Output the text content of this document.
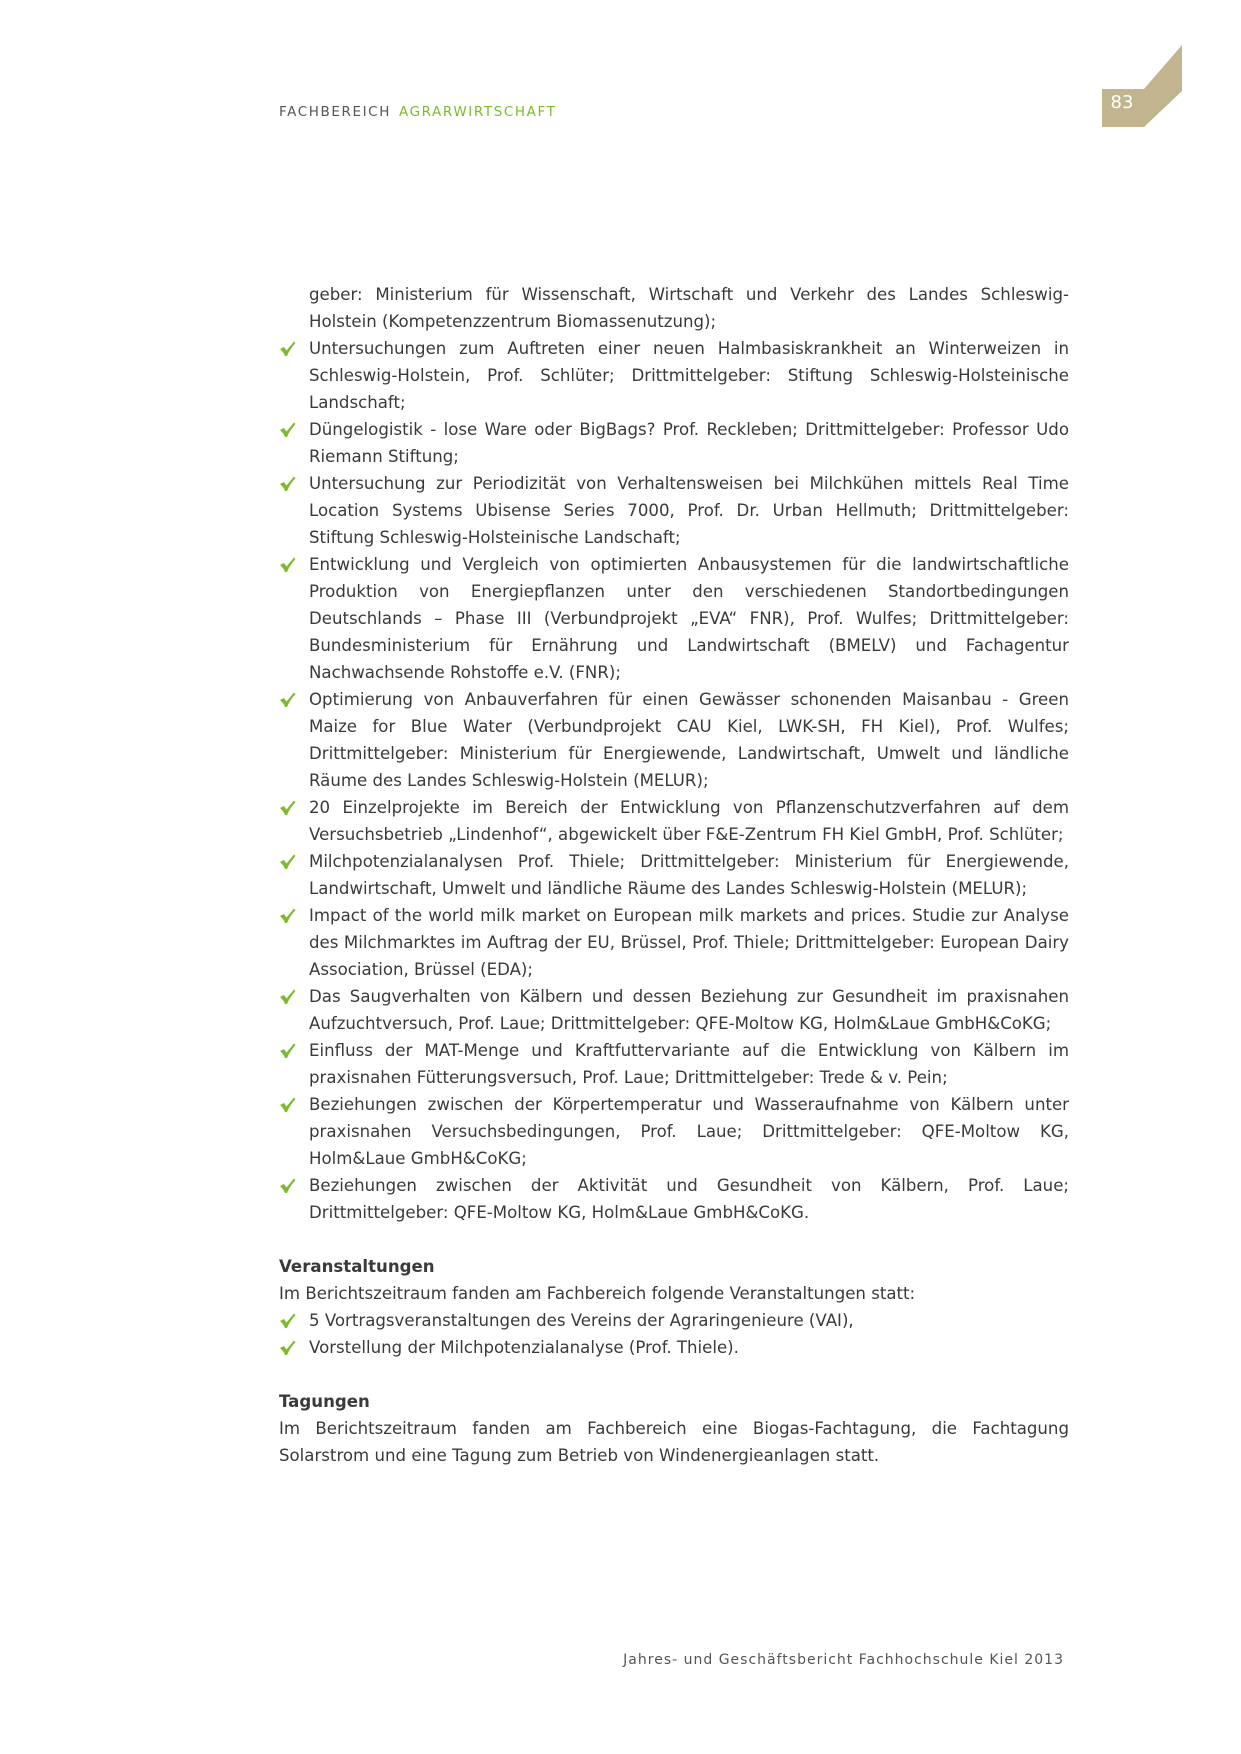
FACHBEREICH AGRARWIRTSCHAFT	83
geber: Ministerium für Wissenschaft, Wirtschaft und Verkehr des Landes Schleswig-Holstein (Kompetenzzentrum Biomassenutzung);
Untersuchungen zum Auftreten einer neuen Halmbasiskrankheit an Winterweizen in Schleswig-Holstein, Prof. Schlüter; Drittmittelgeber: Stiftung Schleswig-Holsteinische Landschaft;
Düngelogistik - lose Ware oder BigBags? Prof. Reckleben; Drittmittelgeber: Professor Udo Riemann Stiftung;
Untersuchung zur Periodizität von Verhaltensweisen bei Milchkühen mittels Real Time Location Systems Ubisense Series 7000, Prof. Dr. Urban Hellmuth; Drittmittelgeber: Stiftung Schleswig-Holsteinische Landschaft;
Entwicklung und Vergleich von optimierten Anbausystemen für die landwirtschaftliche Produktion von Energiepflanzen unter den verschiedenen Standortbedingungen Deutschlands – Phase III (Verbundprojekt „EVA“ FNR), Prof. Wulfes; Drittmittelgeber: Bundesministerium für Ernährung und Landwirtschaft (BMELV) und Fachagentur Nachwachsende Rohstoffe e.V. (FNR);
Optimierung von Anbauverfahren für einen Gewässer schonenden Maisanbau - Green Maize for Blue Water (Verbundprojekt CAU Kiel, LWK-SH, FH Kiel), Prof. Wulfes; Drittmittelgeber: Ministerium für Energiewende, Landwirtschaft, Umwelt und ländliche Räume des Landes Schleswig-Holstein (MELUR);
20 Einzelprojekte im Bereich der Entwicklung von Pflanzenschutzverfahren auf dem Versuchsbetrieb „Lindenhof“, abgewickelt über F&E-Zentrum FH Kiel GmbH, Prof. Schlüter;
Milchpotenzialanalysen Prof. Thiele; Drittmittelgeber: Ministerium für Energiewende, Landwirtschaft, Umwelt und ländliche Räume des Landes Schleswig-Holstein (MELUR);
Impact of the world milk market on European milk markets and prices. Studie zur Analyse des Milchmarktes im Auftrag der EU, Brüssel, Prof. Thiele; Drittmittelgeber: European Dairy Association, Brüssel (EDA);
Das Saugverhalten von Kälbern und dessen Beziehung zur Gesundheit im praxisnahen Aufzuchtversuch, Prof. Laue; Drittmittelgeber: QFE-Moltow KG, Holm&Laue GmbH&CoKG;
Einfluss der MAT-Menge und Kraftfuttervariante auf die Entwicklung von Kälbern im praxisnahen Fütterungsversuch, Prof. Laue; Drittmittelgeber: Trede & v. Pein;
Beziehungen zwischen der Körpertemperatur und Wasseraufnahme von Kälbern unter praxisnahen Versuchsbedingungen, Prof. Laue; Drittmittelgeber: QFE-Moltow KG, Holm&Laue GmbH&CoKG;
Beziehungen zwischen der Aktivität und Gesundheit von Kälbern, Prof. Laue; Drittmittelgeber: QFE-Moltow KG, Holm&Laue GmbH&CoKG.
Veranstaltungen
Im Berichtszeitraum fanden am Fachbereich folgende Veranstaltungen statt:
5 Vortragsveranstaltungen des Vereins der Agraringenieure (VAI),
Vorstellung der Milchpotenzialanalyse (Prof. Thiele).
Tagungen
Im Berichtszeitraum fanden am Fachbereich eine Biogas-Fachtagung, die Fachtagung Solarstrom und eine Tagung zum Betrieb von Windenergieanlagen statt.
Jahres- und Geschäftsbericht Fachhochschule Kiel 2013
